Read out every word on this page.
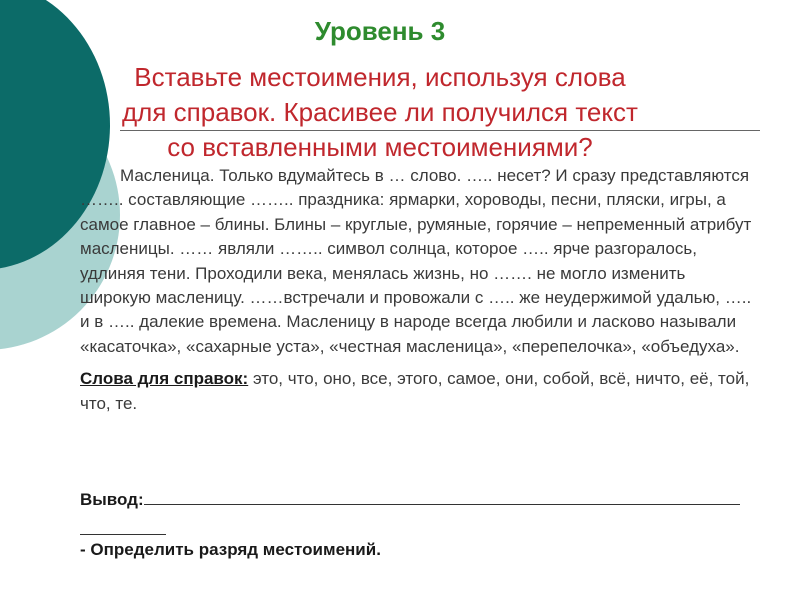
Уровень 3
Вставьте местоимения, используя слова
для справок. Красивее ли получился текст
со вставленными местоимениями?

Масленица. Только вдумайтесь в … слово. ….. несет? И сразу представляются …….. составляющие …….. праздника: ярмарки, хороводы, песни, пляски, игры, а самое главное – блины. Блины – круглые, румяные, горячие – непременный атрибут масленицы. …… являли …….. символ солнца, которое ….. ярче разгоралось, удлиняя тени. Проходили века, менялась жизнь, но ……. не могло изменить широкую масленицу. ……встречали и провожали с ….. же неудержимой удалью, ….. и в ….. далекие времена. Масленицу в народе всегда любили и ласково называли «касаточка», «сахарные уста», «честная масленица», «перепелочка», «объедуха».

Слова для справок: это, что, оно, все, этого, самое, они, собой, всё, ничто, её, той, что, те.

Вывод:
- Определить разряд местоимений.
